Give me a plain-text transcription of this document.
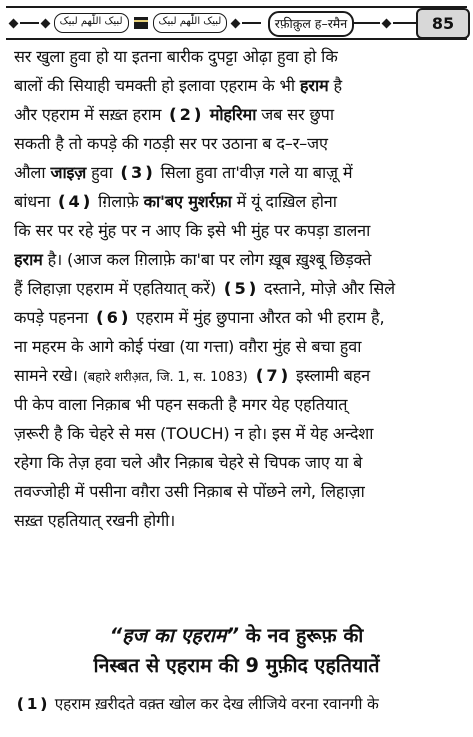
لبیک اللّٰھم لبیک	لبیک اللّٰھم لبیک	रफ़ीक़ुल ह–रमैन	85
सर खुला हुवा हो या इतना बारीक दुपट्टा ओढ़ा हुवा हो कि
बालों की सियाही चमक्ती हो इलावा एहराम के भी हराम है
और एहराम में सख़्त हराम ❪2❫ मोहरिमा जब सर छुपा
सकती है तो कपड़े की गठड़ी सर पर उठाना ब द–र–जए
औला जाइज़ हुवा ❪3❫ सिला हुवा ता'वीज़ गले या बाज़ू में
बांधना ❪4❫ ग़िलाफ़े का'बए मुशर्रफ़ा में यूं दाख़िल होना
कि सर पर रहे मुंह पर न आए कि इसे भी मुंह पर कपड़ा डालना
हराम है। (आज कल ग़िलाफ़े का'बा पर लोग ख़ूब ख़ुश्बू छिड़क्ते
हैं लिहाज़ा एहराम में एहतियात् करें) ❪5❫ दस्ताने, मोज़े और सिले
कपड़े पहनना ❪6❫ एहराम में मुंह छुपाना औरत को भी हराम है,
ना महरम के आगे कोई पंखा (या गत्ता) वग़ैरा मुंह से बचा हुवा
सामने रखे। (बहारे शरीअ़त, जि. 1, स. 1083) ❪7❫ इस्लामी बहन
पी केप वाला निक़ाब भी पहन सकती है मगर येह एहतियात्
ज़रूरी है कि चेहरे से मस (TOUCH) न हो। इस में येह अन्देशा
रहेगा कि तेज़ हवा चले और निक़ाब चेहरे से चिपक जाए या बे
तवज्जोही में पसीना वग़ैरा उसी निक़ाब से पोंछने लगे, लिहाज़ा
सख़्त एहतियात् रखनी होगी।
“हज का एहराम” के नव हुरूफ़ की
निस्बत से एहराम की 9 मुफ़ीद एहतियातें
❪1❫ एहराम ख़रीदते वक़्त खोल कर देख लीजिये वरना रवानगी के
